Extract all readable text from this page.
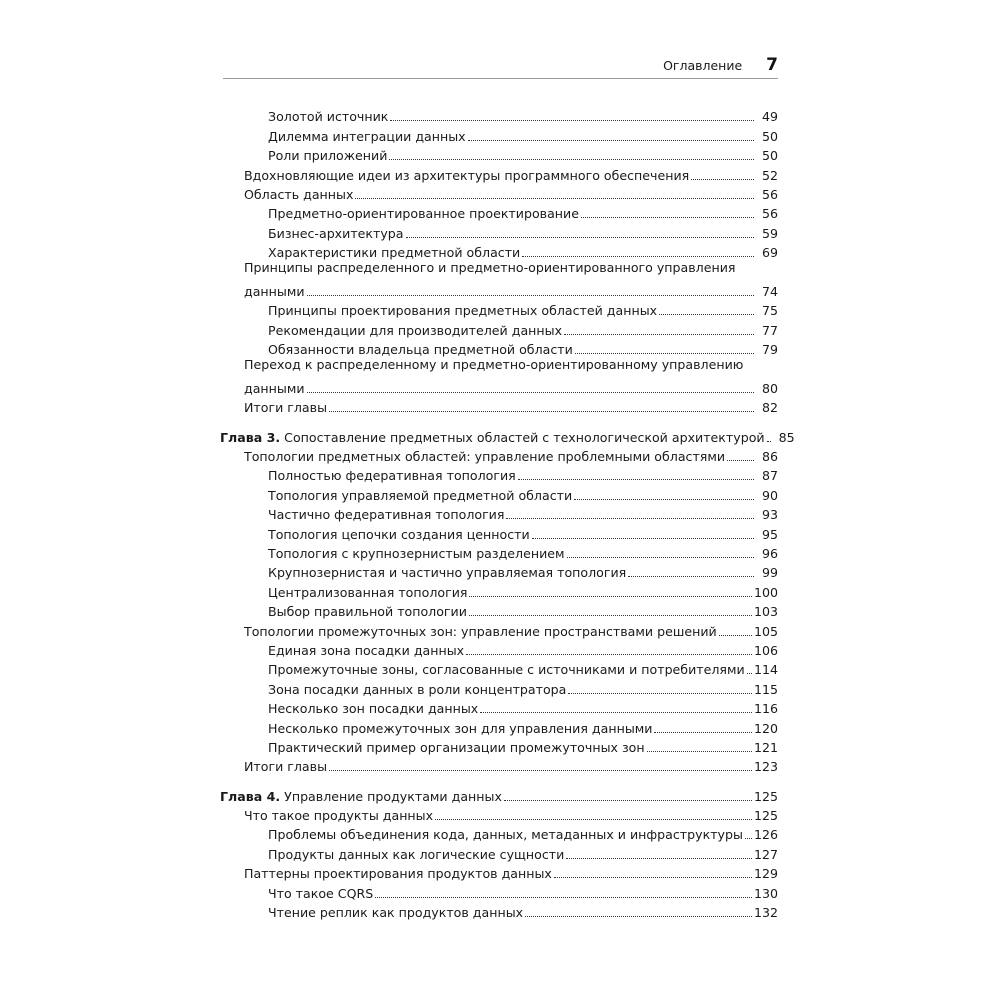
Оглавление 7
Золотой источник	49
Дилемма интеграции данных	50
Роли приложений	50
Вдохновляющие идеи из архитектуры программного обеспечения	52
Область данных	56
Предметно-ориентированное проектирование	56
Бизнес-архитектура	59
Характеристики предметной области	69
Принципы распределенного и предметно-ориентированного управления
данными	74
Принципы проектирования предметных областей данных	75
Рекомендации для производителей данных	77
Обязанности владельца предметной области	79
Переход к распределенному и предметно-ориентированному управлению
данными	80
Итоги главы	82
Глава 3. Сопоставление предметных областей с технологической архитектурой	85
Топологии предметных областей: управление проблемными областями	86
Полностью федеративная топология	87
Топология управляемой предметной области	90
Частично федеративная топология	93
Топология цепочки создания ценности	95
Топология с крупнозернистым разделением	96
Крупнозернистая и частично управляемая топология	99
Централизованная топология	100
Выбор правильной топологии	103
Топологии промежуточных зон: управление пространствами решений	105
Единая зона посадки данных	106
Промежуточные зоны, согласованные с источниками и потребителями 114
Зона посадки данных в роли концентратора	115
Несколько зон посадки данных	116
Несколько промежуточных зон для управления данными	120
Практический пример организации промежуточных зон	121
Итоги главы	123
Глава 4. Управление продуктами данных	125
Что такое продукты данных	125
Проблемы объединения кода, данных, метаданных и инфраструктуры 126
Продукты данных как логические сущности	127
Паттерны проектирования продуктов данных	129
Что такое CQRS	130
Чтение реплик как продуктов данных	132
